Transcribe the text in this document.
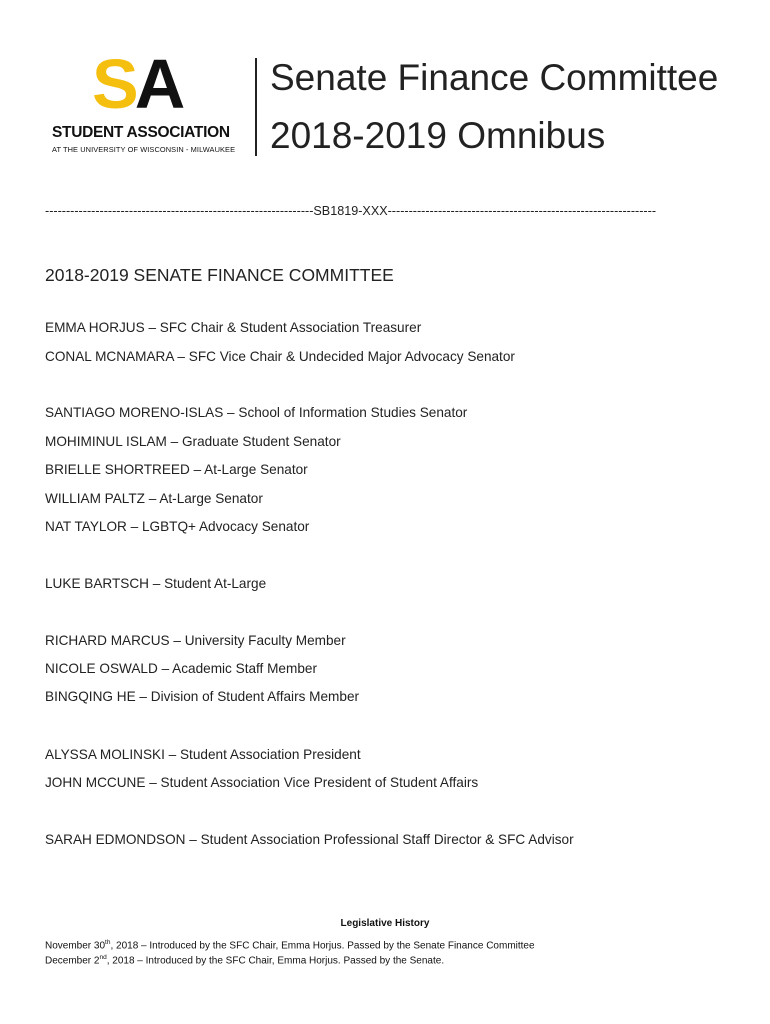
SA
STUDENT ASSOCIATION
AT THE UNIVERSITY OF WISCONSIN - MILWAUKEE
Senate Finance Committee
2018-2019 Omnibus
----------------------------------------------------------------SB1819-XXX----------------------------------------------------------------
2018-2019 SENATE FINANCE COMMITTEE
EMMA HORJUS – SFC Chair & Student Association Treasurer
CONAL MCNAMARA – SFC Vice Chair & Undecided Major Advocacy Senator
SANTIAGO MORENO-ISLAS – School of Information Studies Senator
MOHIMINUL ISLAM – Graduate Student Senator
BRIELLE SHORTREED – At-Large Senator
WILLIAM PALTZ – At-Large Senator
NAT TAYLOR – LGBTQ+ Advocacy Senator
LUKE BARTSCH – Student At-Large
RICHARD MARCUS – University Faculty Member
NICOLE OSWALD – Academic Staff Member
BINGQING HE – Division of Student Affairs Member
ALYSSA MOLINSKI – Student Association President
JOHN MCCUNE – Student Association Vice President of Student Affairs
SARAH EDMONDSON – Student Association Professional Staff Director & SFC Advisor
Legislative History
November 30th, 2018 – Introduced by the SFC Chair, Emma Horjus. Passed by the Senate Finance Committee
December 2nd, 2018 – Introduced by the SFC Chair, Emma Horjus. Passed by the Senate.
